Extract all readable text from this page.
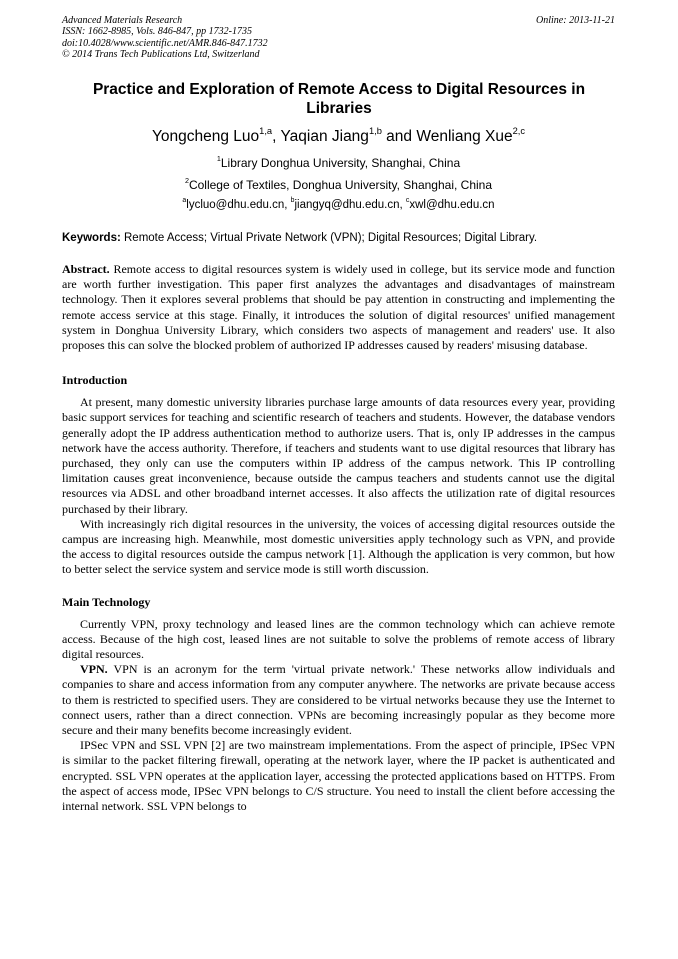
Advanced Materials Research
ISSN: 1662-8985, Vols. 846-847, pp 1732-1735
doi:10.4028/www.scientific.net/AMR.846-847.1732
© 2014 Trans Tech Publications Ltd, Switzerland
Online: 2013-11-21
Practice and Exploration of Remote Access to Digital Resources in Libraries
Yongcheng Luo$^{1,a}$, Yaqian Jiang$^{1,b}$ and Wenliang Xue$^{2,c}$
$^1$Library Donghua University, Shanghai, China
$^2$College of Textiles, Donghua University, Shanghai, China
$^a$lycluo@dhu.edu.cn, $^b$jiangyq@dhu.edu.cn, $^c$xwl@dhu.edu.cn
Keywords: Remote Access; Virtual Private Network (VPN); Digital Resources; Digital Library.

Abstract. Remote access to digital resources system is widely used in college, but its service mode and function are worth further investigation. This paper first analyzes the advantages and disadvantages of mainstream technology. Then it explores several problems that should be pay attention in constructing and implementing the remote access service at this stage. Finally, it introduces the solution of digital resources' unified management system in Donghua University Library, which considers two aspects of management and readers' use. It also proposes this can solve the blocked problem of authorized IP addresses caused by readers' misusing database.

Introduction

At present, many domestic university libraries purchase large amounts of data resources every year, providing basic support services for teaching and scientific research of teachers and students. However, the database vendors generally adopt the IP address authentication method to authorize users. That is, only IP addresses in the campus network have the access authority. Therefore, if teachers and students want to use digital resources that library has purchased, they only can use the computers within IP address of the campus network. This IP controlling limitation causes great inconvenience, because outside the campus teachers and students cannot use the digital resources via ADSL and other broadband internet accesses. It also affects the utilization rate of digital resources purchased by their library.

With increasingly rich digital resources in the university, the voices of accessing digital resources outside the campus are increasing high. Meanwhile, most domestic universities apply technology such as VPN, and provide the access to digital resources outside the campus network [1]. Although the application is very common, but how to better select the service system and service mode is still worth discussion.

Main Technology

Currently VPN, proxy technology and leased lines are the common technology which can achieve remote access. Because of the high cost, leased lines are not suitable to solve the problems of remote access of library digital resources.

VPN. VPN is an acronym for the term 'virtual private network.' These networks allow individuals and companies to share and access information from any computer anywhere. The networks are private because access to them is restricted to specified users. They are considered to be virtual networks because they use the Internet to connect users, rather than a direct connection. VPNs are becoming increasingly popular as they become more secure and their many benefits become increasingly evident.

IPSec VPN and SSL VPN [2] are two mainstream implementations. From the aspect of principle, IPSec VPN is similar to the packet filtering firewall, operating at the network layer, where the IP packet is authenticated and encrypted. SSL VPN operates at the application layer, accessing the protected applications based on HTTPS. From the aspect of access mode, IPSec VPN belongs to C/S structure. You need to install the client before accessing the internal network. SSL VPN belongs to
